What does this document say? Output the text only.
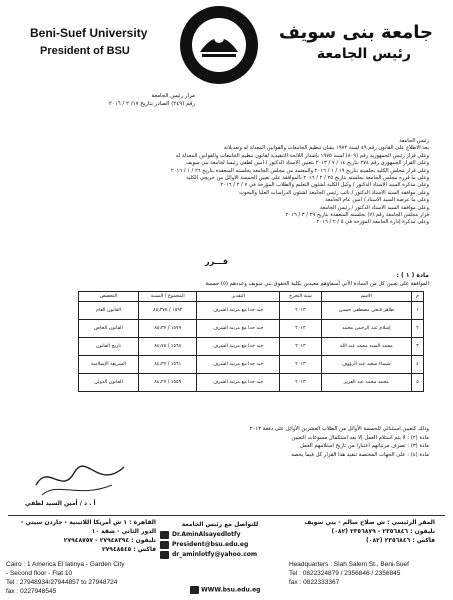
Beni-Suef University
President of BSU
جامعة بنى سويف
رئيس الجامعة
مرار رئيس الجامعة
رقم (٢٤٩) الصادر بتاريخ ١٧/ ٢ / ٢٠١٦
رئيس الجامعة
بعد الاطلاع على القانون رقم ٤٩ لسنة ١٩٧٢ بشأن تنظيم الجامعات والقوانين المعدلة له وتعديلاته
وعلى قرار رئيس الجمهورية رقم (٨٠٩) لسنة ١٩٧٥ بإصدار اللائحة التنفيذية لقانون تنظيم الجامعات والقوانين المعدلة له
وعلى القرار الجمهوري رقم ٢٧٤ بتاريخ ١٤ / ٧ / ٢٠١٣ بتعيين الأستاذ الدكتور / أمين لطفي رئيساً لجامعة بني سويف
وعلى قرار مجلس الكلية بجلسته بتاريخ ١٩ / ١ / ٢٠١٦ والمعتمد من مجلس الجامعة بجلسته المنعقدة بتاريخ ٢٦ / ١ / ٢٠١٦
وعلى ما قرره مجلس الجامعة بجلسته بتاريخ ٢٥ / ٢ / ٢٠١٦ بالموافقة على تعيين الخمسة الأوائل من خريجي الكلية
وعلى مذكرة السيد الأستاذ الدكتور / وكيل الكلية لشئون التعليم والطلاب المؤرخة في ٧ / ٢ / ٢٠١٦
وعلى موافقة السيد الأستاذ الدكتور / نائب رئيس الجامعة لشئون الدراسات العليا والبحوث
وعلى ما عرضه السيد الأستاذ / أمين عام الجامعة
وعلى موافقة السيد الأستاذ الدكتور / رئيس الجامعة
قرار مجلس الجامعة رقم (٧) بجلسته المنعقدة بتاريخ ٢٩ / ٣ / ٢٠١٦
وعلى مذكرة إدارة الجامعة المؤرخة في ٥ / ٢ / ٢٠١٦
قـــرر
مادة ( ١ ) :
الموافقة على تعيين كل من السادة الآتي أسماؤهم معيدين بكلية الحقوق بني سويف وعددهم (٥) خمسة
م	الاسم	سنة التخرج	التقدير	المجموع / النسبة	التخصص
١	طاهر فتحي مصطفى حسين	٢٠١٣	جيد جدا مع مرتبة الشرف	١٥٩٢ / ٨٥٫٣٧٥	القانون العام
٢	إسلام عبد الرحمن محمد	٢٠١٣	جيد جدا مع مرتبة الشرف	١٥٧٩ / ٨٥٫٣٧	القانون الخاص
٣	محمد السيد محمد عبد الله	٢٠١٣	جيد جدا مع مرتبة الشرف	١٥٦٨ / ٨٤٫٧٥	تاريخ القانون
٤	شيماء سعيد عبد الرؤوف	٢٠١٣	جيد جدا مع مرتبة الشرف	١٥٦١ / ٨٤٫٣٧	الشريعة الإسلامية
٥	محمد محمد عبد العزيز	٢٠١٣	جيد جدا مع مرتبة الشرف	١٥٥٩ / ٨٤٫٢٧	القانون الدولي
وذلك كتعيين استثنائي للخمسة الأوائل من الطلاب العشرين الأوائل على دفعة ٢٠١٣
مادة (٢) : لا يتم استلام العمل إلا بعد استكمال مسوغات التعيين
مادة (٣) : تصرف مرتباتهم اعتبارا من تاريخ استلامهم العمل
مادة (٤) : على الجهات المختصة تنفيذ هذا القرار كل فيما يخصه
أ . د / أمين السيد لطفي
المقر الرئيسي : ش صلاح سالم - بني سويف
تليفون : ٢٣٥٦٨٤٦ - ٢٣٥٦٨٧٩ (٠٨٢)
فاكس : ٢٣٥٦٨٤٦ (٠٨٢)
القاهرة : ١ ش أمريكا اللاتينية - جاردن سيتي - الدور الثاني - شقة ١٠
تليفون : ٢٧٩٤٨٣٩٤ - ٢٧٩٤٨٧٥٧
فاكس : ٢٧٩٤٨٥٤٥
للتواصل مع رئيس الجامعة
Dr.AminAlsayedlotfy
President@bsu.edu.eg
dr_aminlotfy@yahoo.com
Cairo : 1 America El latinya - Garden City
- Second floor - Flat 10
Tel : 27948934/27944857 to 27948724
fax : 0227948545
Headquarters : Slah Salem St., Beni-Suef
Tel : 0822324879 / 2356846 / 2356845
fax : 0822333367
WWW.bsu.edu.eg
